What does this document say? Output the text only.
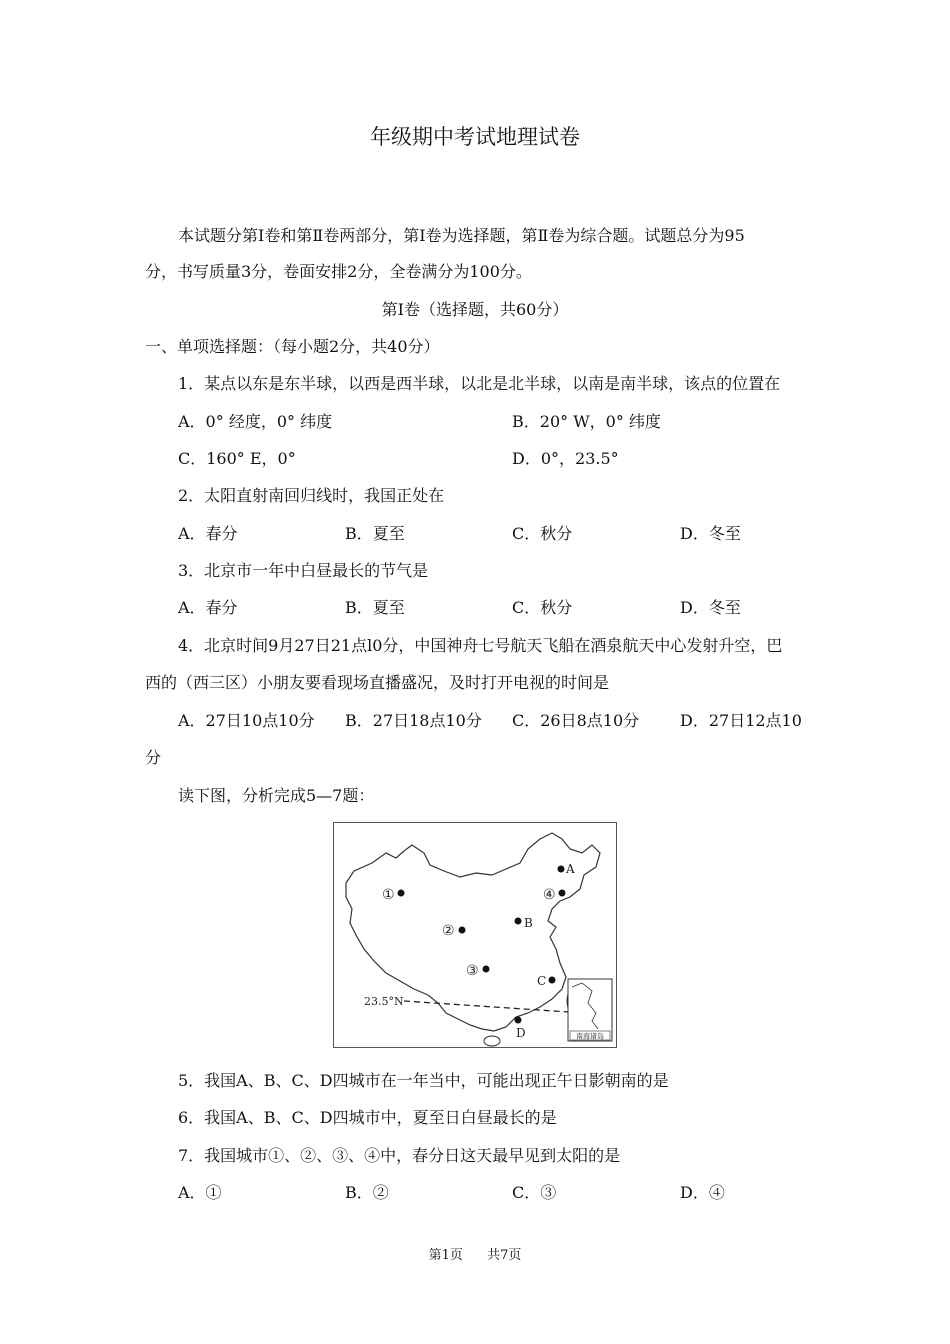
年级期中考试地理试卷
本试题分第Ⅰ卷和第Ⅱ卷两部分，第Ⅰ卷为选择题，第Ⅱ卷为综合题。试题总分为95
分，书写质量3分，卷面安排2分，全卷满分为100分。
第Ⅰ卷（选择题，共60分）
一、单项选择题：（每小题2分，共40分）
1．某点以东是东半球，以西是西半球，以北是北半球，以南是南半球，该点的位置在
A．0° 经度，0° 纬度	B．20° W，0° 纬度
C．160° E，0°	D．0°，23.5°
2．太阳直射南回归线时，我国正处在
A．春分	B．夏至	C．秋分	D．冬至
3．北京市一年中白昼最长的节气是
A．春分	B．夏至	C．秋分	D．冬至
4．北京时间9月27日21点l0分，中国神舟七号航天飞船在酒泉航天中心发射升空，巴
西的（西三区）小朋友要看现场直播盛况，及时打开电视的时间是
A．27日10点10分 B．27日18点10分 C．26日8点10分	D．27日12点10
分
读下图，分析完成5—7题：
①
②
③
④
A
B
C
D
23.5°N
南海诸岛
5．我国A、B、C、D四城市在一年当中，可能出现正午日影朝南的是
6．我国A、B、C、D四城市中，夏至日白昼最长的是
7．我国城市①、②、③、④中，春分日这天最早见到太阳的是
A．①	B．②	C．③	D．④
第1页 共7页
